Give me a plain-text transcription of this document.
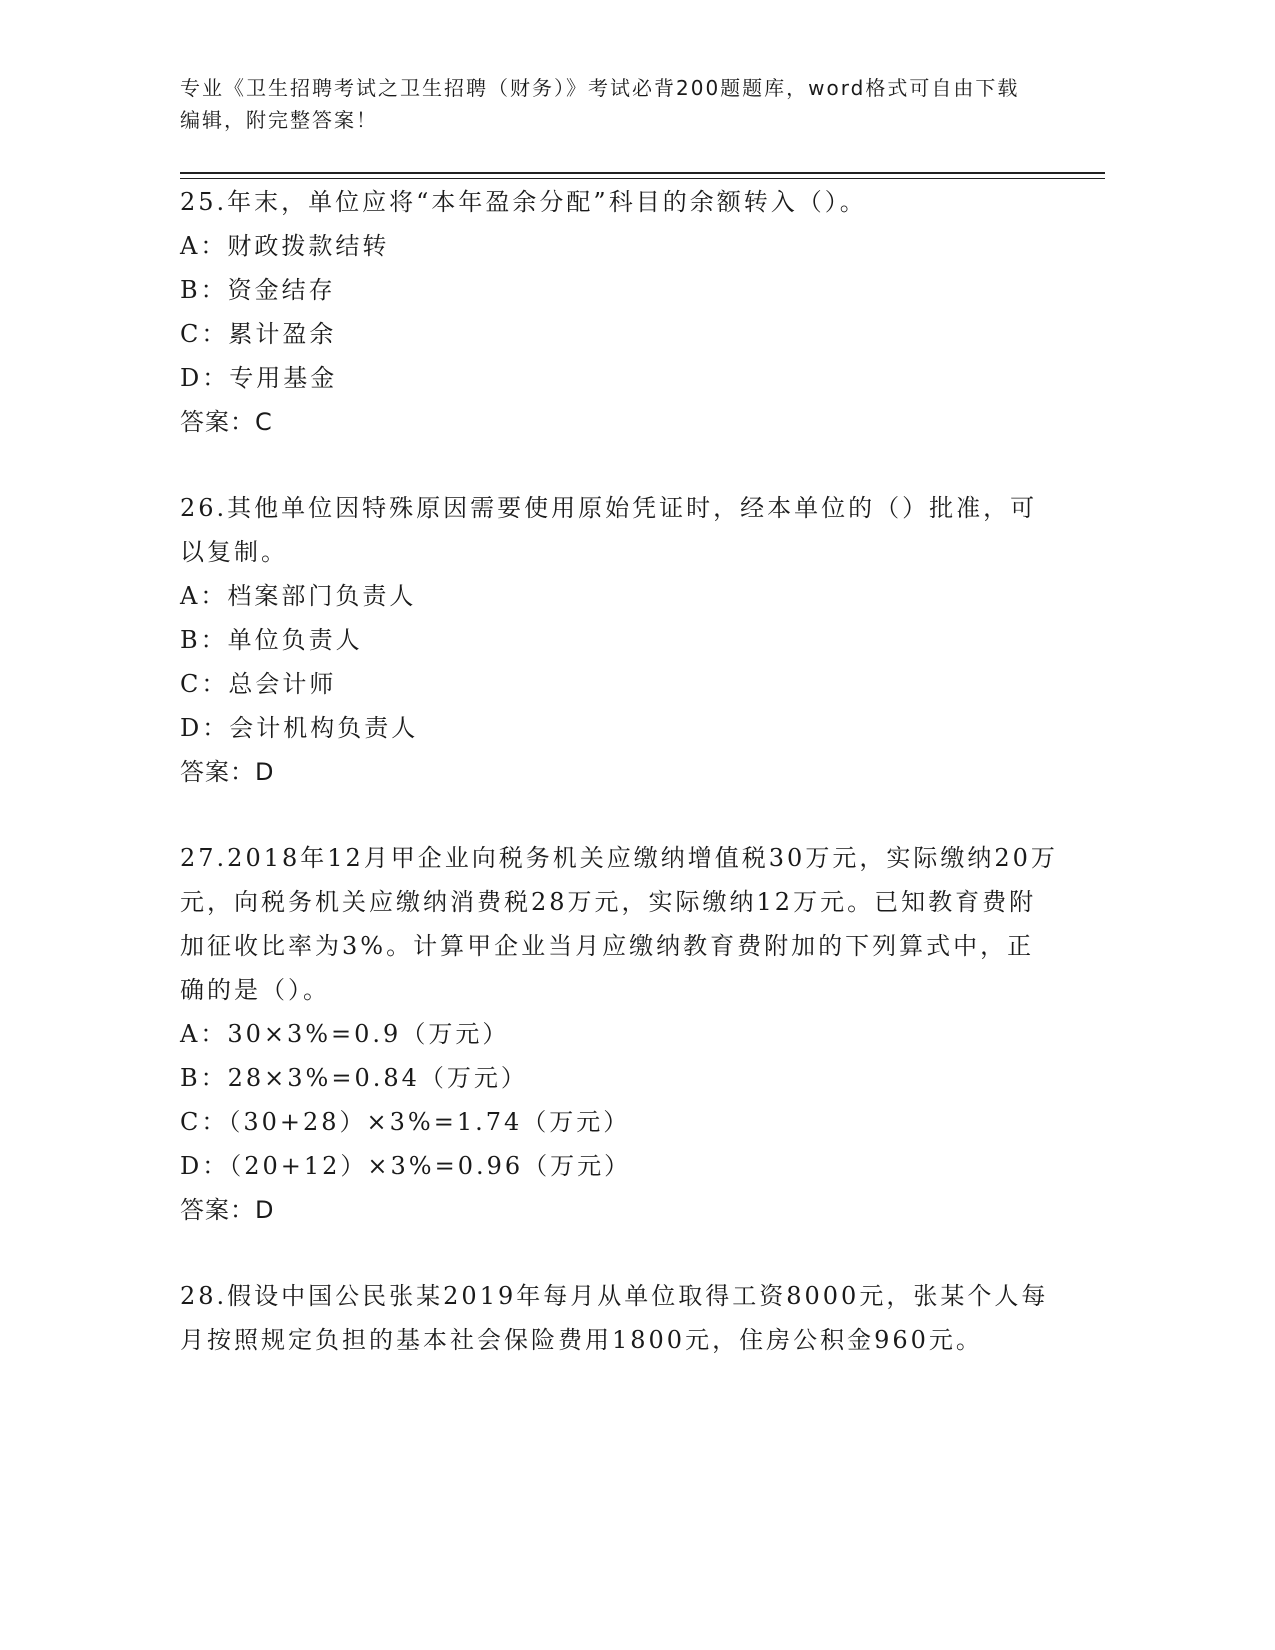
专业《卫生招聘考试之卫生招聘（财务）》考试必背200题题库，word格式可自由下载编辑，附完整答案！

25.年末，单位应将“本年盈余分配”科目的余额转入（）。

A：财政拨款结转

B：资金结存

C：累计盈余

D：专用基金

答案：C

26.其他单位因特殊原因需要使用原始凭证时，经本单位的（）批准，可以复制。

A：档案部门负责人

B：单位负责人

C：总会计师

D：会计机构负责人

答案：D

27.2018年12月甲企业向税务机关应缴纳增值税30万元，实际缴纳20万元，向税务机关应缴纳消费税28万元，实际缴纳12万元。已知教育费附加征收比率为3%。计算甲企业当月应缴纳教育费附加的下列算式中，正确的是（）。

A：30×3%=0.9（万元）

B：28×3%=0.84（万元）

C：（30+28）×3%=1.74（万元）

D：（20+12）×3%=0.96（万元）

答案：D

28.假设中国公民张某2019年每月从单位取得工资8000元，张某个人每月按照规定负担的基本社会保险费用1800元，住房公积金960元。
